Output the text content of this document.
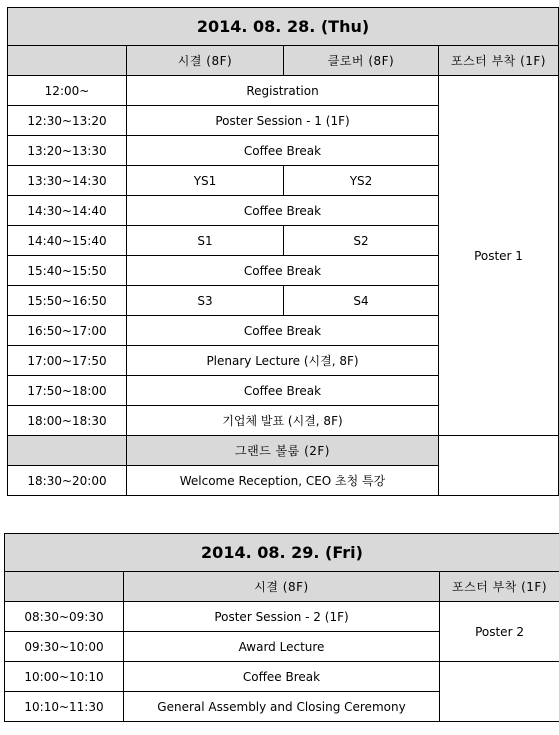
2014. 08. 28. (Thu)			
	시결 (8F)	클로버 (8F)	포스터 부착 (1F)
12:00~	Registration		Poster 1
12:30~13:20	Poster Session - 1 (1F)		
13:20~13:30	Coffee Break		
13:30~14:30	YS1	YS2	
14:30~14:40	Coffee Break		
14:40~15:40	S1	S2	
15:40~15:50	Coffee Break		
15:50~16:50	S3	S4	
16:50~17:00	Coffee Break		
17:00~17:50	Plenary Lecture (시결, 8F)		
17:50~18:00	Coffee Break		
18:00~18:30	기업체 발표 (시결, 8F)		
	그랜드 볼룸 (2F)		
18:30~20:00	Welcome Reception, CEO 초청 특강		
2014. 08. 29. (Fri)		
	시결 (8F)	포스터 부착 (1F)
08:30~09:30	Poster Session - 2 (1F)	Poster 2
09:30~10:00	Award Lecture	
10:00~10:10	Coffee Break	
10:10~11:30	General Assembly and Closing Ceremony	
